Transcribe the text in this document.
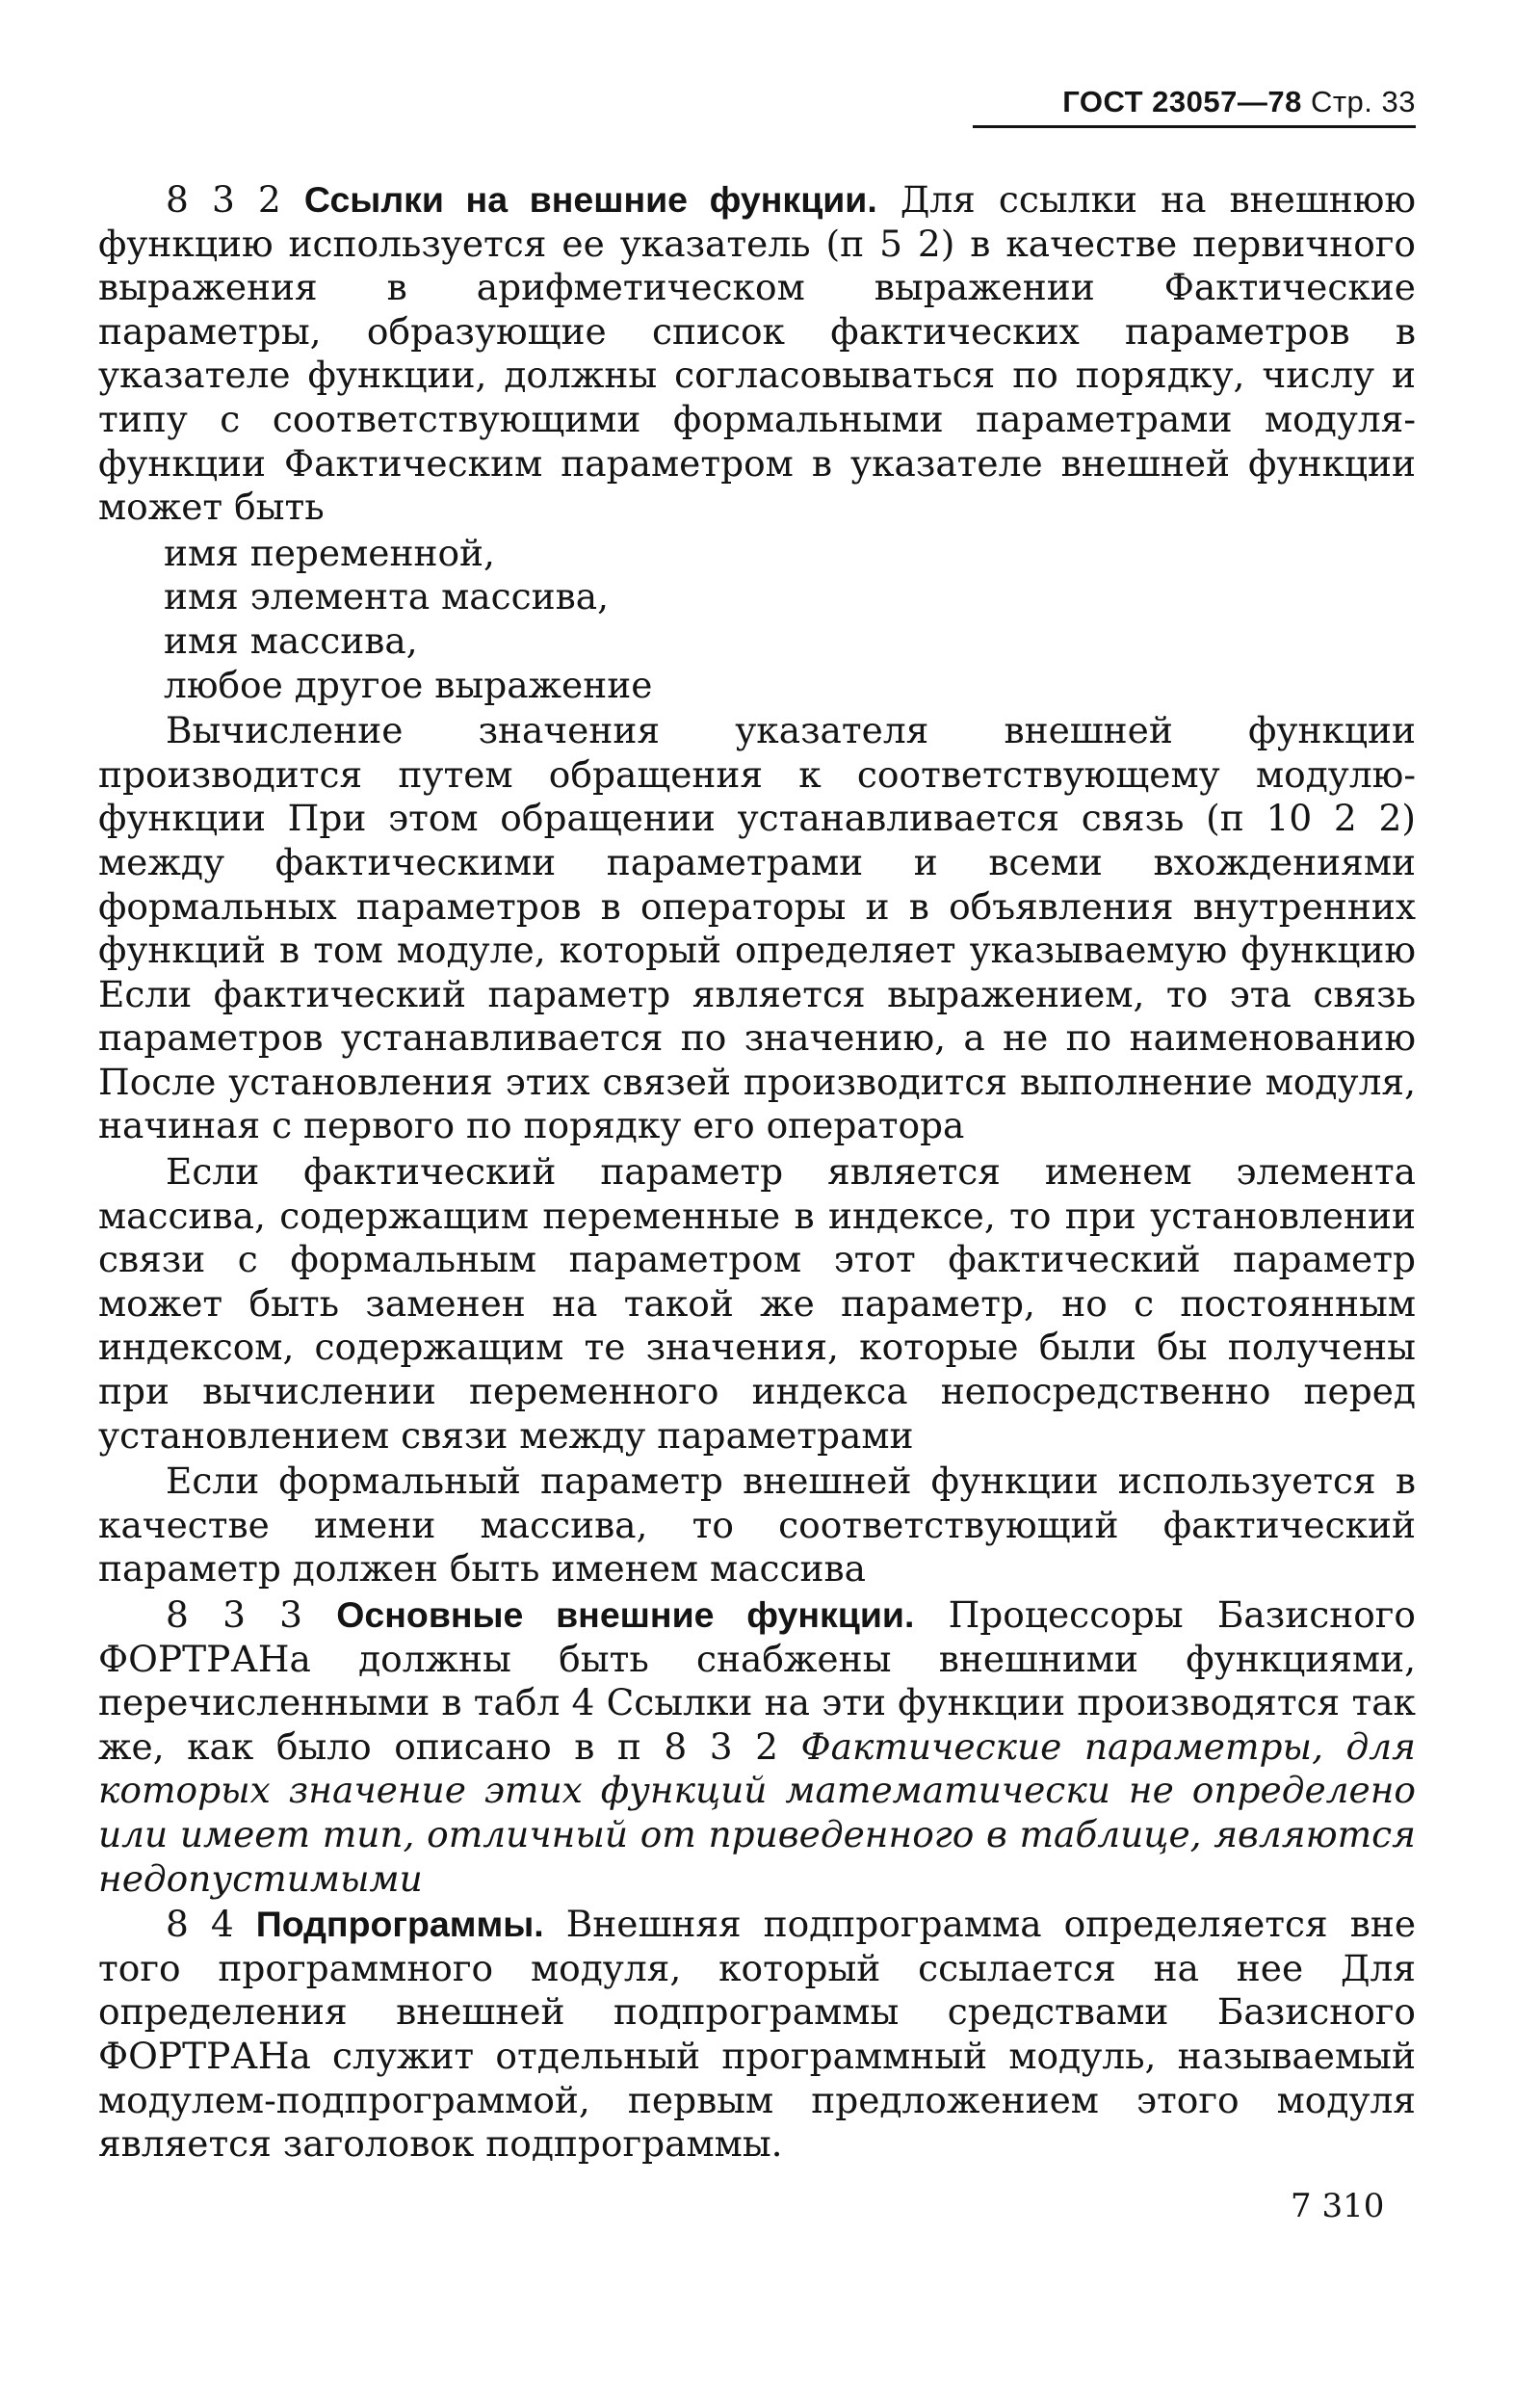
ГОСТ 23057—78 Стр. 33

8 3 2 Ссылки на внешние функции. Для ссылки на внешнюю функцию используется ее указатель (п 5 2) в качестве первичного выражения в арифметическом выражении Фактические параметры, образующие список фактических параметров в указателе функции, должны согласовываться по порядку, числу и типу с соответствующими формальными параметрами модуля-функции Фактическим параметром в указателе внешней функции может быть

имя переменной,
имя элемента массива,
имя массива,
любое другое выражение

Вычисление значения указателя внешней функции производится путем обращения к соответствующему модулю-функции При этом обращении устанавливается связь (п 10 2 2) между фактическими параметрами и всеми вхождениями формальных параметров в операторы и в объявления внутренних функций в том модуле, который определяет указываемую функцию Если фактический параметр является выражением, то эта связь параметров устанавливается по значению, а не по наименованию После установления этих связей производится выполнение модуля, начиная с первого по порядку его оператора

Если фактический параметр является именем элемента массива, содержащим переменные в индексе, то при установлении связи с формальным параметром этот фактический параметр может быть заменен на такой же параметр, но с постоянным индексом, содержащим те значения, которые были бы получены при вычислении переменного индекса непосредственно перед установлением связи между параметрами

Если формальный параметр внешней функции используется в качестве имени массива, то соответствующий фактический параметр должен быть именем массива

8 3 3 Основные внешние функции. Процессоры Базисного ФОРТРАНа должны быть снабжены внешними функциями, перечисленными в табл 4 Ссылки на эти функции производятся так же, как было описано в п 8 3 2 Фактические параметры, для которых значение этих функций математически не определено или имеет тип, отличный от приведенного в таблице, являются недопустимыми

8 4 Подпрограммы. Внешняя подпрограмма определяется вне того программного модуля, который ссылается на нее Для определения внешней подпрограммы средствами Базисного ФОРТРАНа служит отдельный программный модуль, называемый модулем-подпрограммой, первым предложением этого модуля является заголовок подпрограммы.

7 310
